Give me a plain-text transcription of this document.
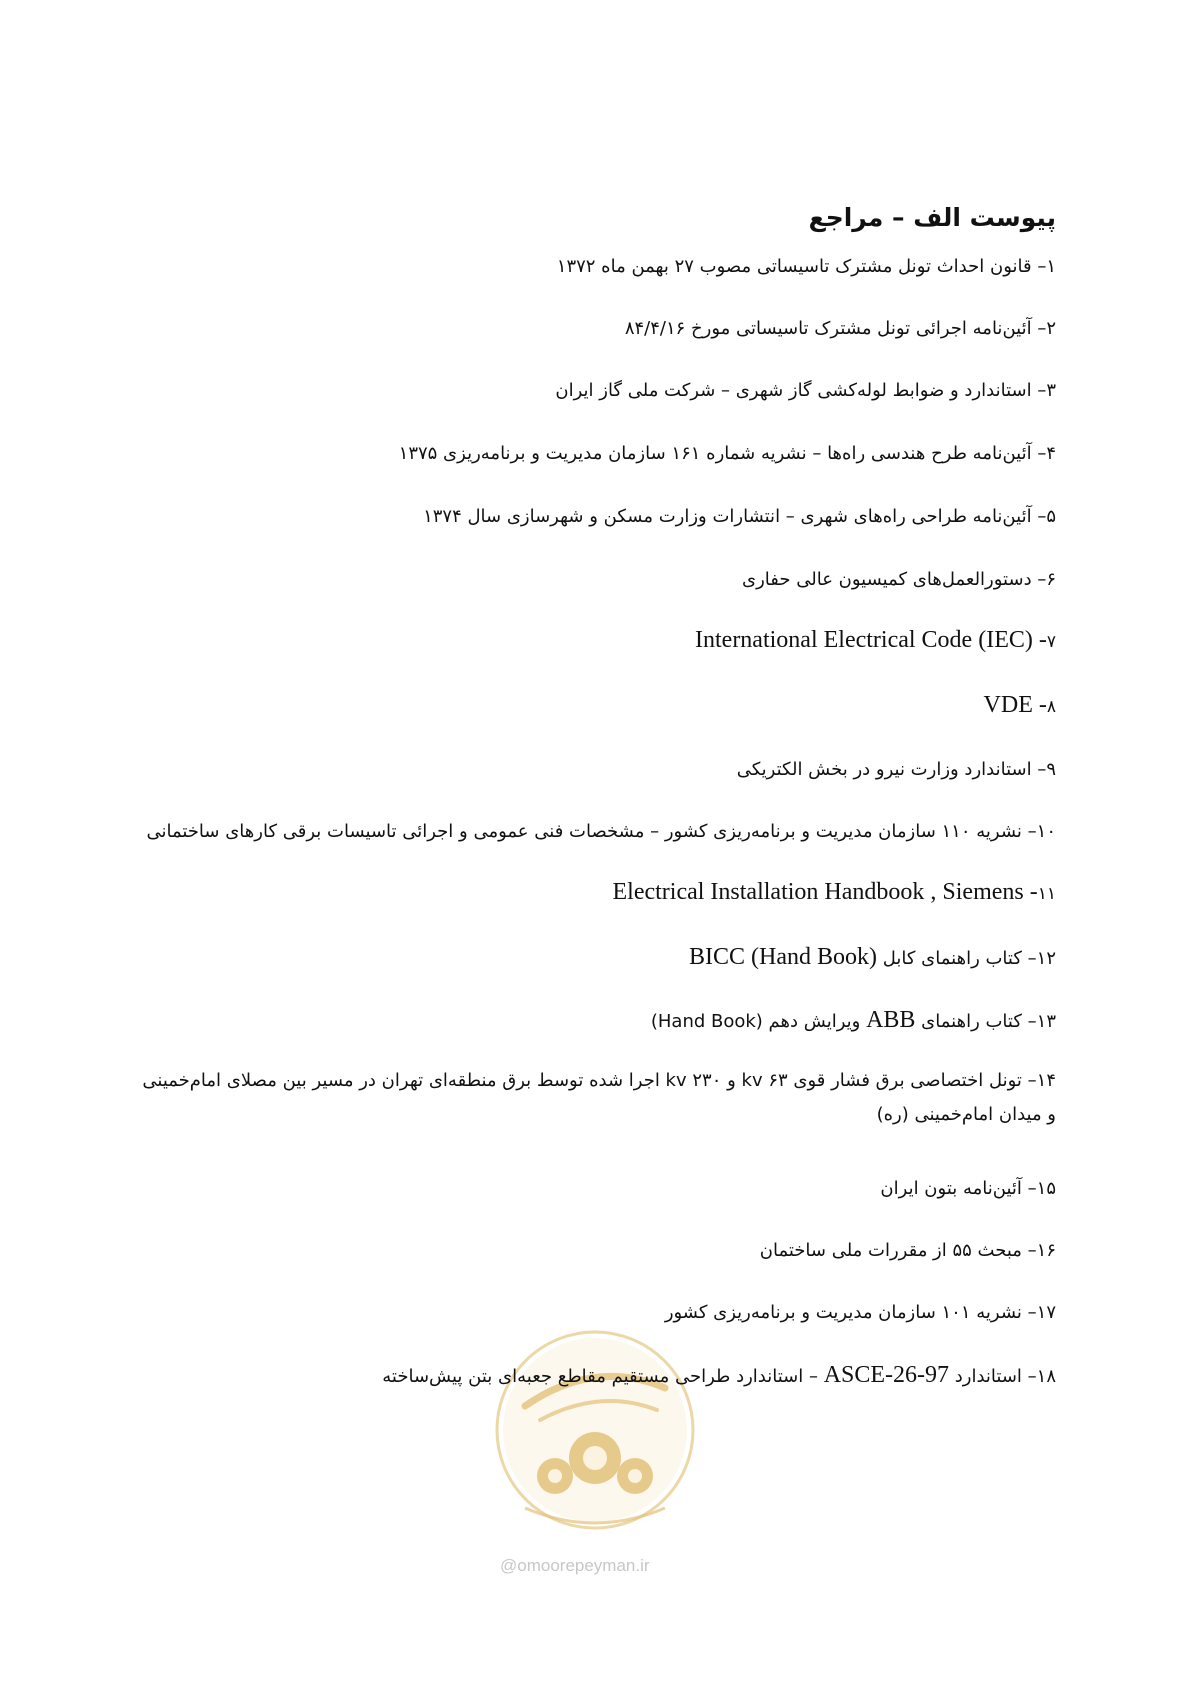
پیوست الف – مراجع
۱– قانون احداث تونل مشترک تاسیساتی مصوب ۲۷ بهمن ماه ۱۳۷۲
۲– آئین‌نامه اجرائی تونل مشترک تاسیساتی مورخ ۸۴/۴/۱۶
۳– استاندارد و ضوابط لوله‌کشی گاز شهری – شرکت ملی گاز ایران
۴– آئین‌نامه طرح هندسی راه‌ها – نشریه شماره ۱۶۱ سازمان مدیریت و برنامه‌ریزی ۱۳۷۵
۵– آئین‌نامه طراحی راه‌های شهری – انتشارات وزارت مسکن و شهرسازی سال ۱۳۷۴
۶– دستورالعمل‌های کمیسیون عالی حفاری
International Electrical Code (IEC) -۷
VDE -۸
۹– استاندارد وزارت نیرو در بخش الکتریکی
۱۰– نشریه ۱۱۰ سازمان مدیریت و برنامه‌ریزی کشور – مشخصات فنی عمومی و اجرائی تاسیسات برقی کارهای ساختمانی
Electrical Installation Handbook , Siemens -۱۱
۱۲– کتاب راهنمای کابل BICC (Hand Book)
۱۳– کتاب راهنمای ABB ویرایش دهم (Hand Book)
۱۴– تونل اختصاصی برق فشار قوی ۶۳ kv و ۲۳۰ kv اجرا شده توسط برق منطقه‌ای تهران در مسیر بین مصلای امام‌خمینی و میدان امام‌خمینی (ره)
۱۵– آئین‌نامه بتون ایران
۱۶– مبحث ۵۵ از مقررات ملی ساختمان
@omoorepeyman.ir
۱۷– نشریه ۱۰۱ سازمان مدیریت و برنامه‌ریزی کشور
۱۸– استاندارد ASCE-26-97 – استاندارد طراحی مستقیم مقاطع جعبه‌ای بتن پیش‌ساخته
